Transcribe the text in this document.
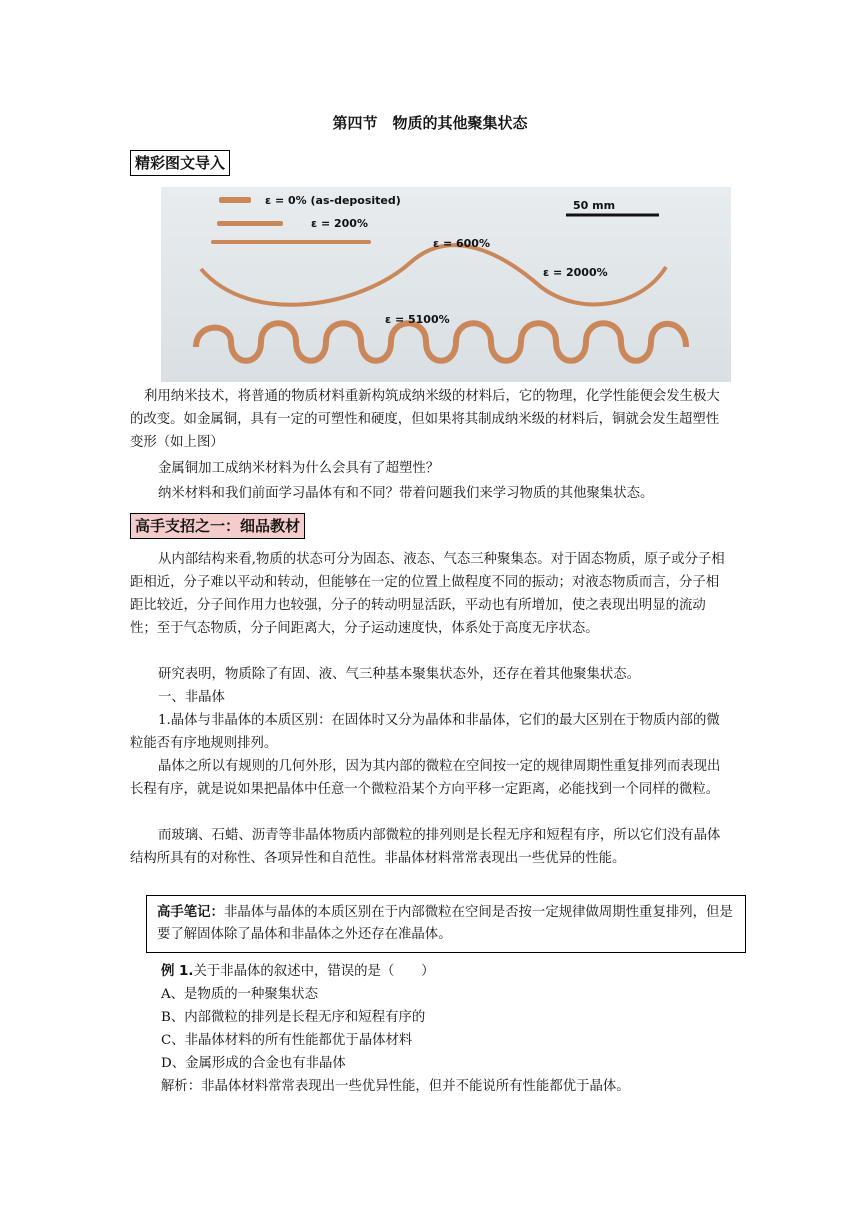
第四节　物质的其他聚集状态
精彩图文导入
50 mm
ε = 0% (as-deposited)
ε = 200%
ε = 600%
ε = 2000%
ε = 5100%

利用纳米技术，将普通的物质材料重新构筑成纳米级的材料后，它的物理，化学性能便会发生极大的改变。如金属铜，具有一定的可塑性和硬度，但如果将其制成纳米级的材料后，铜就会发生超塑性变形（如上图）

金属铜加工成纳米材料为什么会具有了超塑性？

纳米材料和我们前面学习晶体有和不同？带着问题我们来学习物质的其他聚集状态。

高手支招之一：细品教材

从内部结构来看,物质的状态可分为固态、液态、气态三种聚集态。对于固态物质，原子或分子相距相近，分子难以平动和转动，但能够在一定的位置上做程度不同的振动；对液态物质而言，分子相距比较近，分子间作用力也较强，分子的转动明显活跃，平动也有所增加，使之表现出明显的流动性；至于气态物质，分子间距离大，分子运动速度快，体系处于高度无序状态。

研究表明，物质除了有固、液、气三种基本聚集状态外，还存在着其他聚集状态。

一、非晶体

1.晶体与非晶体的本质区别：在固体时又分为晶体和非晶体，它们的最大区别在于物质内部的微粒能否有序地规则排列。

晶体之所以有规则的几何外形，因为其内部的微粒在空间按一定的规律周期性重复排列而表现出长程有序，就是说如果把晶体中任意一个微粒沿某个方向平移一定距离，必能找到一个同样的微粒。

而玻璃、石蜡、沥青等非晶体物质内部微粒的排列则是长程无序和短程有序，所以它们没有晶体结构所具有的对称性、各项异性和自范性。非晶体材料常常表现出一些优异的性能。

高手笔记：非晶体与晶体的本质区别在于内部微粒在空间是否按一定规律做周期性重复排列，但是要了解固体除了晶体和非晶体之外还存在准晶体。

例 1.关于非晶体的叙述中，错误的是（　　）

A、是物质的一种聚集状态

B、内部微粒的排列是长程无序和短程有序的

C、非晶体材料的所有性能都优于晶体材料

D、金属形成的合金也有非晶体

解析：非晶体材料常常表现出一些优异性能，但并不能说所有性能都优于晶体。
